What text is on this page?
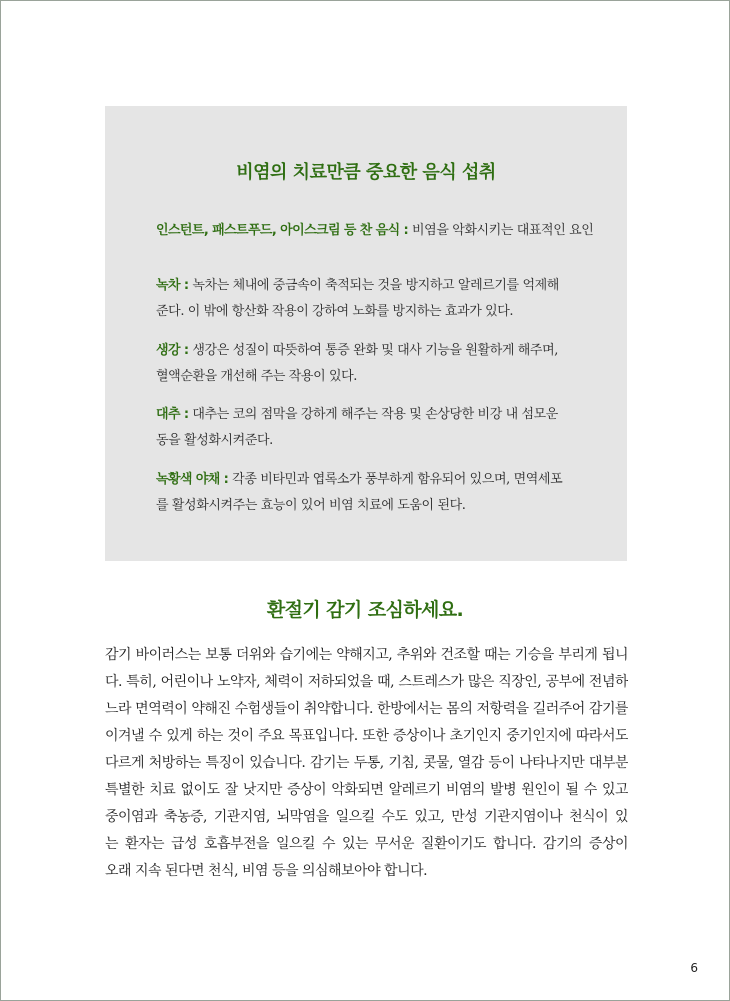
비염의 치료만큼 중요한 음식 섭취
인스턴트, 패스트푸드, 아이스크림 등 찬 음식 : 비염을 악화시키는 대표적인 요인
녹차 : 녹차는 체내에 중금속이 축적되는 것을 방지하고 알레르기를 억제해
준다. 이 밖에 항산화 작용이 강하여 노화를 방지하는 효과가 있다.
생강 : 생강은 성질이 따뜻하여 통증 완화 및 대사 기능을 원활하게 해주며,
혈액순환을 개선해 주는 작용이 있다.
대추 : 대추는 코의 점막을 강하게 해주는 작용 및 손상당한 비강 내 섬모운
동을 활성화시켜준다.
녹황색 야채 : 각종 비타민과 엽록소가 풍부하게 함유되어 있으며, 면역세포
를 활성화시켜주는 효능이 있어 비염 치료에 도움이 된다.
환절기 감기 조심하세요.
감기 바이러스는 보통 더위와 습기에는 약해지고, 추위와 건조할 때는 기승을 부리게 됩니
다. 특히, 어린이나 노약자, 체력이 저하되었을 때, 스트레스가 많은 직장인, 공부에 전념하
느라 면역력이 약해진 수험생들이 취약합니다. 한방에서는 몸의 저항력을 길러주어 감기를
이겨낼 수 있게 하는 것이 주요 목표입니다. 또한 증상이나 초기인지 중기인지에 따라서도
다르게 처방하는 특징이 있습니다. 감기는 두통, 기침, 콧물, 열감 등이 나타나지만 대부분
특별한 치료 없이도 잘 낫지만 증상이 악화되면 알레르기 비염의 발병 원인이 될 수 있고
중이염과 축농증, 기관지염, 뇌막염을 일으킬 수도 있고, 만성 기관지염이나 천식이 있
는 환자는 급성 호흡부전을 일으킬 수 있는 무서운 질환이기도 합니다. 감기의 증상이
오래 지속 된다면 천식, 비염 등을 의심해보아야 합니다.
6
